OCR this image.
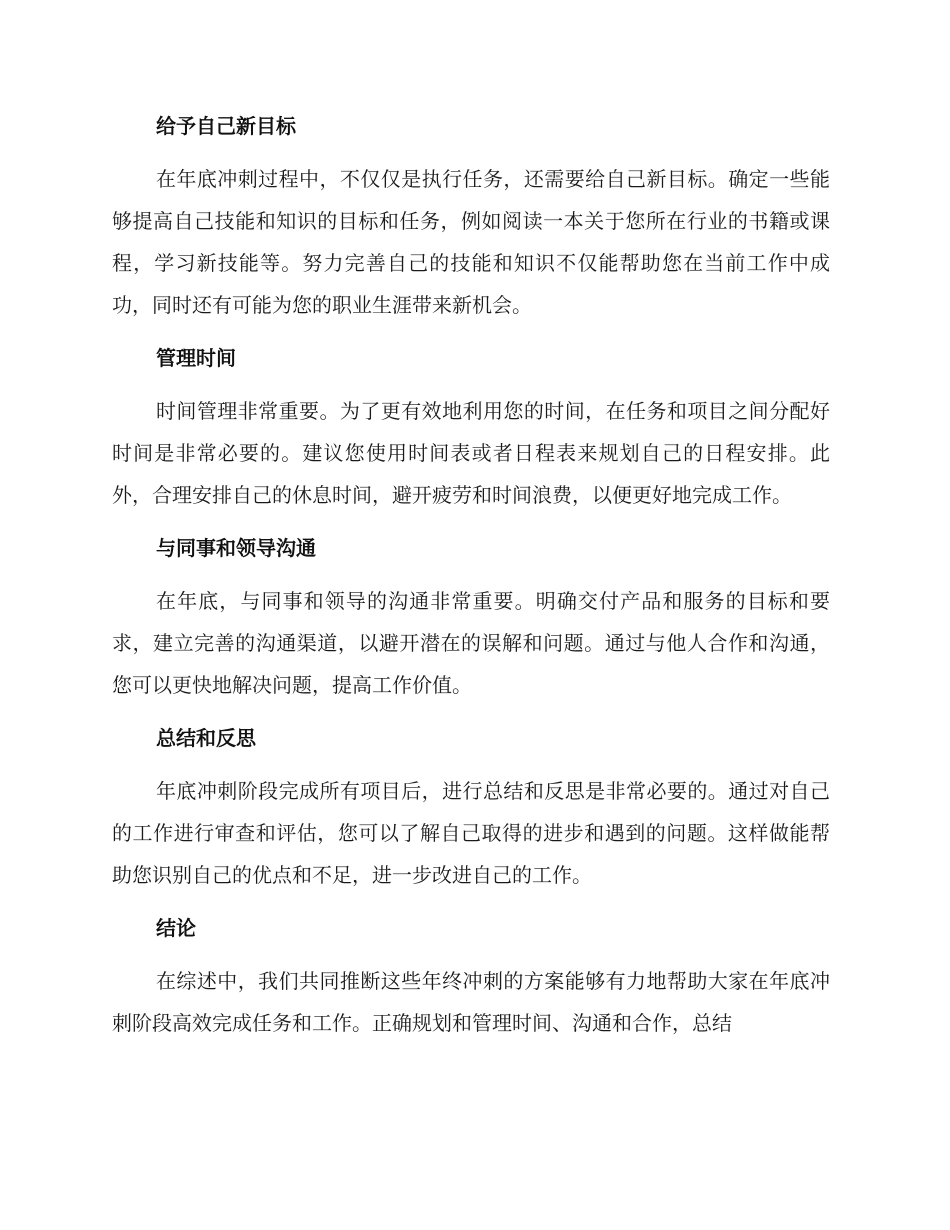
给予自己新目标

在年底冲刺过程中，不仅仅是执行任务，还需要给自己新目标。确定一些能够提高自己技能和知识的目标和任务，例如阅读一本关于您所在行业的书籍或课程，学习新技能等。努力完善自己的技能和知识不仅能帮助您在当前工作中成功，同时还有可能为您的职业生涯带来新机会。

管理时间

时间管理非常重要。为了更有效地利用您的时间，在任务和项目之间分配好时间是非常必要的。建议您使用时间表或者日程表来规划自己的日程安排。此外，合理安排自己的休息时间，避开疲劳和时间浪费，以便更好地完成工作。

与同事和领导沟通

在年底，与同事和领导的沟通非常重要。明确交付产品和服务的目标和要求，建立完善的沟通渠道，以避开潜在的误解和问题。通过与他人合作和沟通，您可以更快地解决问题，提高工作价值。

总结和反思

年底冲刺阶段完成所有项目后，进行总结和反思是非常必要的。通过对自己的工作进行审查和评估，您可以了解自己取得的进步和遇到的问题。这样做能帮助您识别自己的优点和不足，进一步改进自己的工作。

结论

在综述中，我们共同推断这些年终冲刺的方案能够有力地帮助大家在年底冲刺阶段高效完成任务和工作。正确规划和管理时间、沟通和合作，总结
